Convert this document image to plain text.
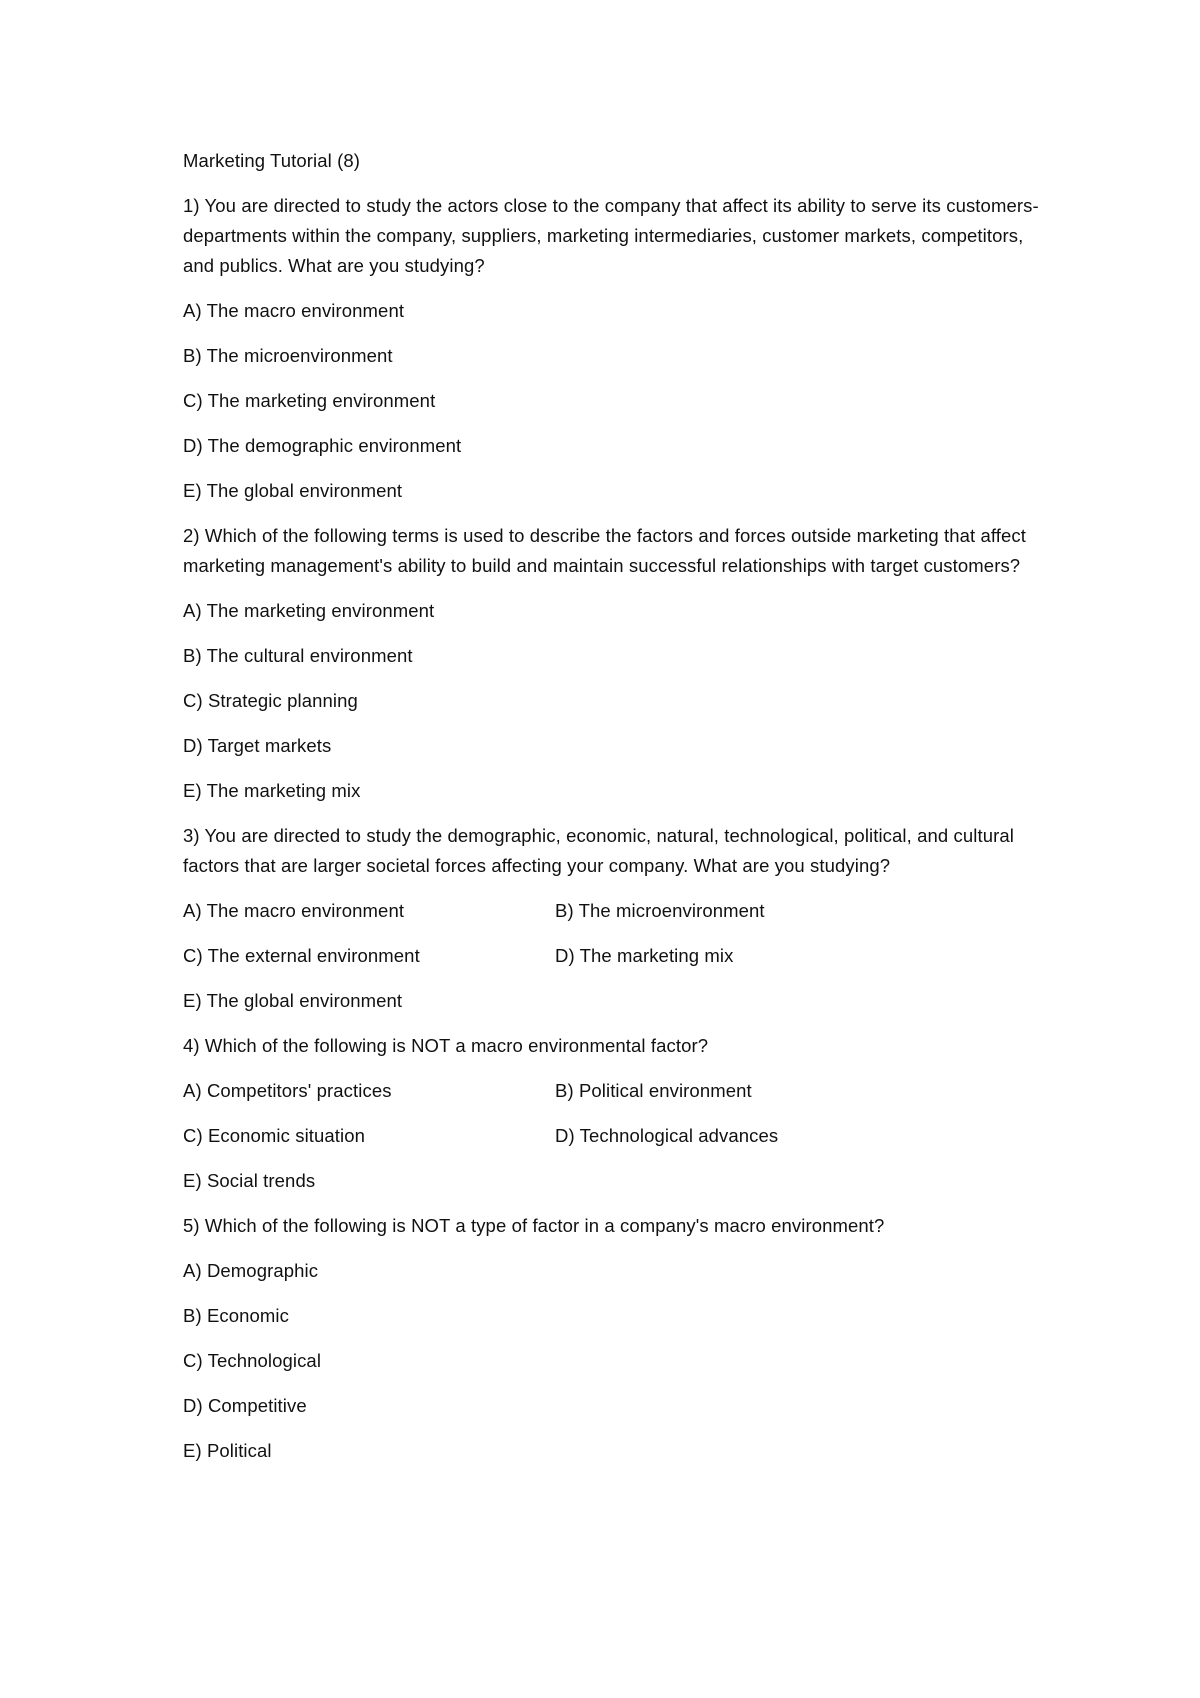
Marketing Tutorial (8)
1) You are directed to study the actors close to the company that affect its ability to serve its customers-departments within the company, suppliers, marketing intermediaries, customer markets, competitors, and publics. What are you studying?
A) The macro environment
B) The microenvironment
C) The marketing environment
D) The demographic environment
E) The global environment
2) Which of the following terms is used to describe the factors and forces outside marketing that affect marketing management's ability to build and maintain successful relationships with target customers?
A) The marketing environment
B) The cultural environment
C) Strategic planning
D) Target markets
E) The marketing mix
3) You are directed to study the demographic, economic, natural, technological, political, and cultural factors that are larger societal forces affecting your company. What are you studying?
A) The macro environment	B) The microenvironment
C) The external environment	D) The marketing mix
E) The global environment
4) Which of the following is NOT a macro environmental factor?
A) Competitors' practices	B) Political environment
C) Economic situation	D) Technological advances
E) Social trends
5) Which of the following is NOT a type of factor in a company's macro environment?
A) Demographic
B) Economic
C) Technological
D) Competitive
E) Political
